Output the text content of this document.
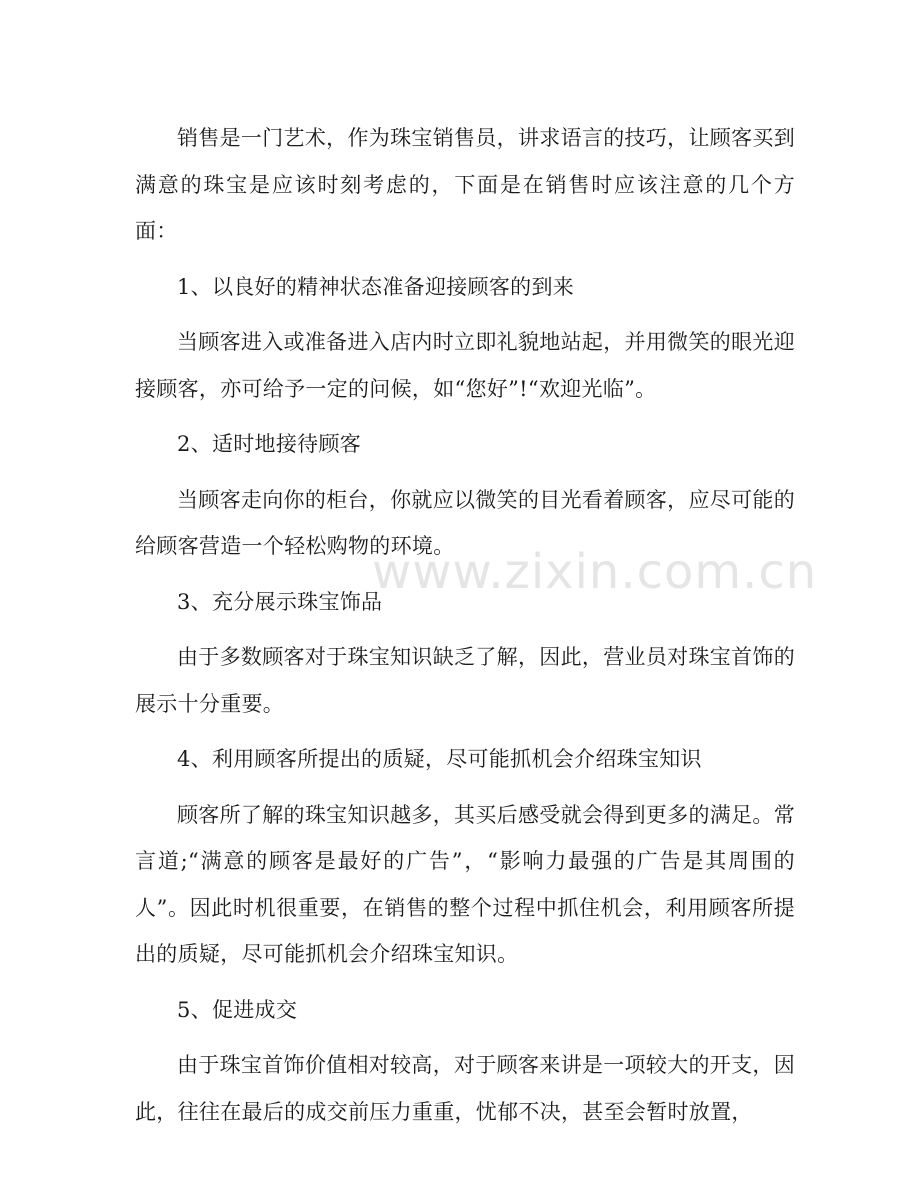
销售是一门艺术，作为珠宝销售员，讲求语言的技巧，让顾客买到满意的珠宝是应该时刻考虑的，下面是在销售时应该注意的几个方面：

1、以良好的精神状态准备迎接顾客的到来

当顾客进入或准备进入店内时立即礼貌地站起，并用微笑的眼光迎接顾客，亦可给予一定的问候，如“您好”!“欢迎光临”。

2、适时地接待顾客

当顾客走向你的柜台，你就应以微笑的目光看着顾客，应尽可能的给顾客营造一个轻松购物的环境。

3、充分展示珠宝饰品

由于多数顾客对于珠宝知识缺乏了解，因此，营业员对珠宝首饰的展示十分重要。

4、利用顾客所提出的质疑，尽可能抓机会介绍珠宝知识

顾客所了解的珠宝知识越多，其买后感受就会得到更多的满足。常言道;“满意的顾客是最好的广告”，“影响力最强的广告是其周围的人”。因此时机很重要，在销售的整个过程中抓住机会，利用顾客所提出的质疑，尽可能抓机会介绍珠宝知识。

5、促进成交

由于珠宝首饰价值相对较高，对于顾客来讲是一项较大的开支，因此，往往在最后的成交前压力重重，忧郁不决，甚至会暂时放置，

www.zixin.com.cn
